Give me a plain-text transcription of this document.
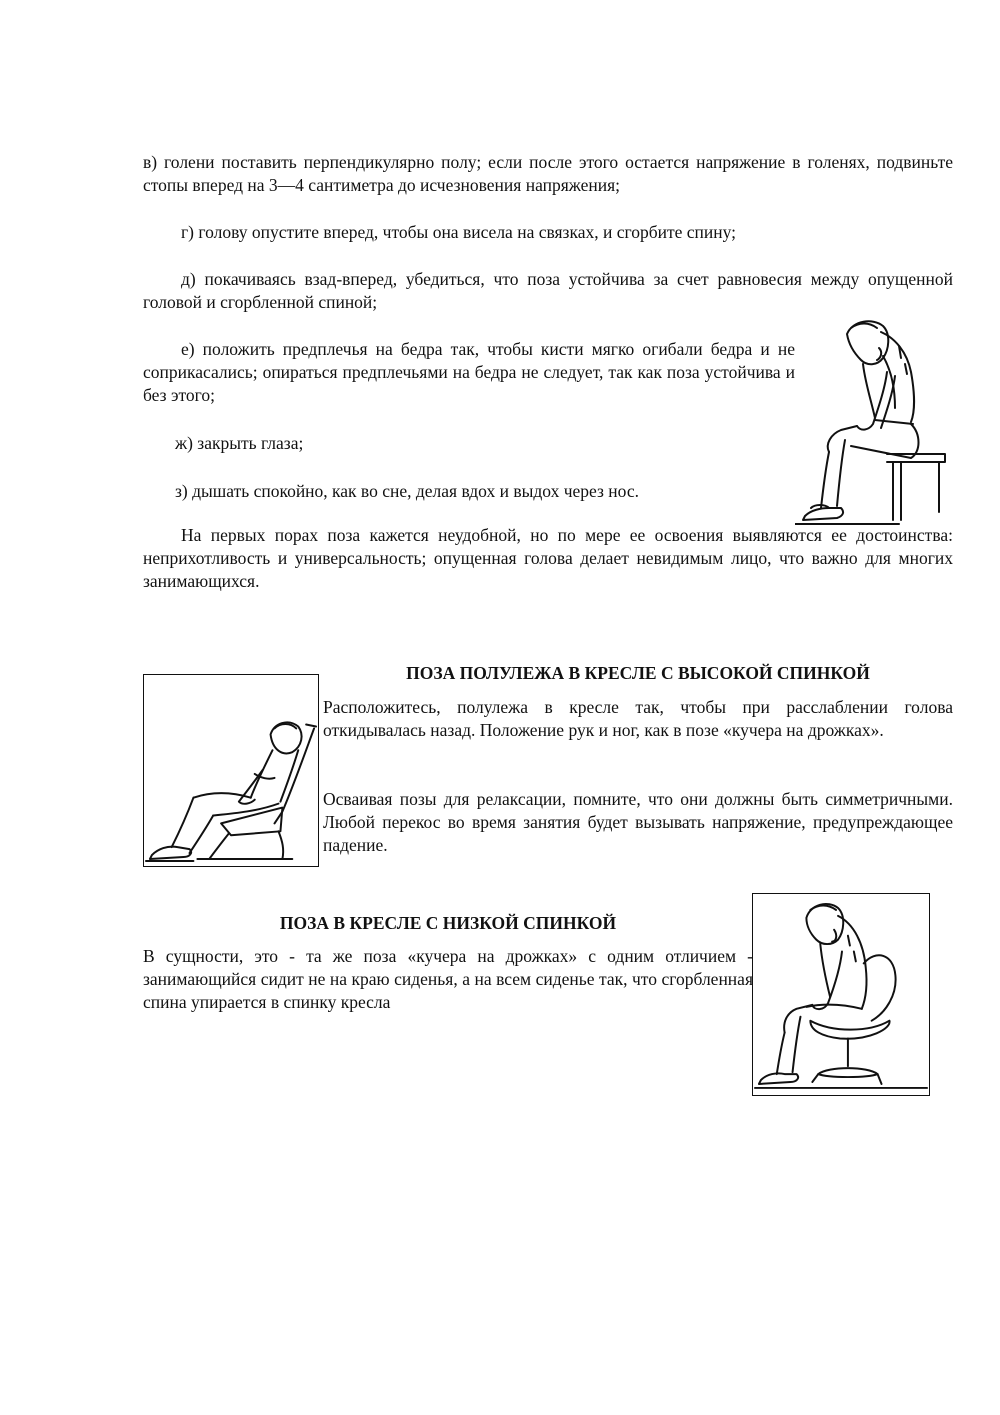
в) голени поставить перпендикулярно полу; если после этого остается напряжение в голенях, подвиньте стопы вперед на 3—4 сантиметра до исчезновения напряжения;

г) голову опустите вперед, чтобы она висела на связках, и сгорбите спину;

д) покачиваясь взад-вперед, убедиться, что поза устойчива за счет равновесия между опущенной головой и сгорбленной спиной;

е) положить предплечья на бедра так, чтобы кисти мягко огибали бедра и не соприкасались; опираться предплечьями на бедра не следует, так как поза устойчива и без этого;

ж) закрыть глаза;

з) дышать спокойно, как во сне, делая вдох и выдох через нос.

На первых порах поза кажется неудобной, но по мере ее освоения выявляются ее достоинства: неприхотливость и универсальность; опущенная голова делает невидимым лицо, что важно для многих занимающихся.

ПОЗА ПОЛУЛЕЖА В КРЕСЛЕ С ВЫСОКОЙ СПИНКОЙ

Расположитесь, полулежа в кресле так, чтобы при расслаблении голова откидывалась назад. Положение рук и ног, как в позе «кучера на дрожках».

Осваивая позы для релаксации, помните, что они должны быть симметричными. Любой перекос во время занятия будет вызывать напряжение, предупреждающее падение.

ПОЗА В КРЕСЛЕ С НИЗКОЙ СПИНКОЙ

В сущности, это - та же поза «кучера на дрожках» с одним отличием - занимающийся сидит не на краю сиденья, а на всем сиденье так, что сгорбленная спина упирается в спинку кресла
